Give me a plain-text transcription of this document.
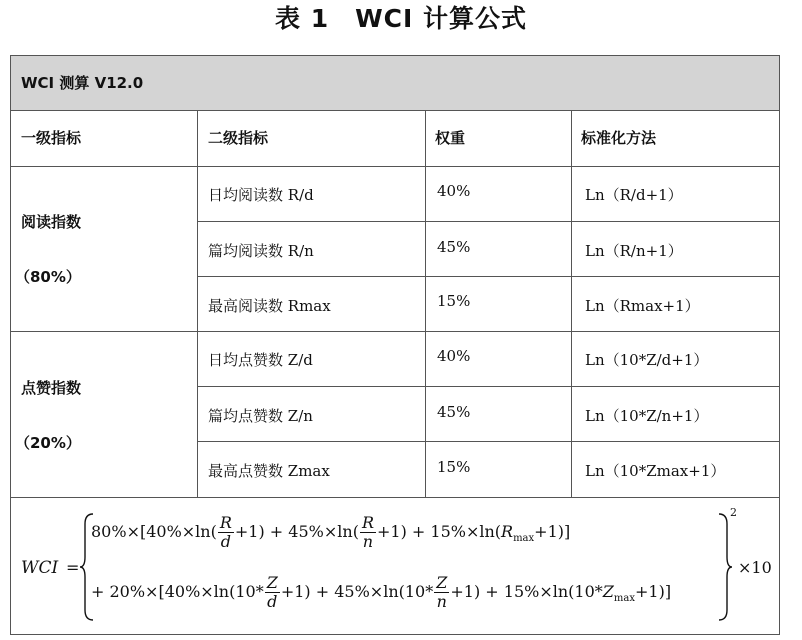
表 1　WCI 计算公式
WCI 测算 V12.0
一级指标	二级指标	权重	标准化方法
阅读指数
（80%）
日均阅读数 R/d	40%	Ln（R/d+1）
篇均阅读数 R/n	45%	Ln（R/n+1）
最高阅读数 Rmax	15%	Ln（Rmax+1）
点赞指数
（20%）
日均点赞数 Z/d	40%	Ln（10*Z/d+1）
篇均点赞数 Z/n	45%	Ln（10*Z/n+1）
最高点赞数 Zmax	15%	Ln（10*Zmax+1）
WCI =
$80\%\times[40\%\times\ln( \frac{R}{d} +1) + 45\%\times\ln( \frac{R}{n} +1) + 15\%\times\ln(R_{max}+1)]$
+ $20\%\times[40\%\times\ln(10* \frac{Z}{d} +1) + 45\%\times\ln(10* \frac{Z}{n} +1) + 15\%\times\ln(10*Z_{max}+1)]$
2
×10
